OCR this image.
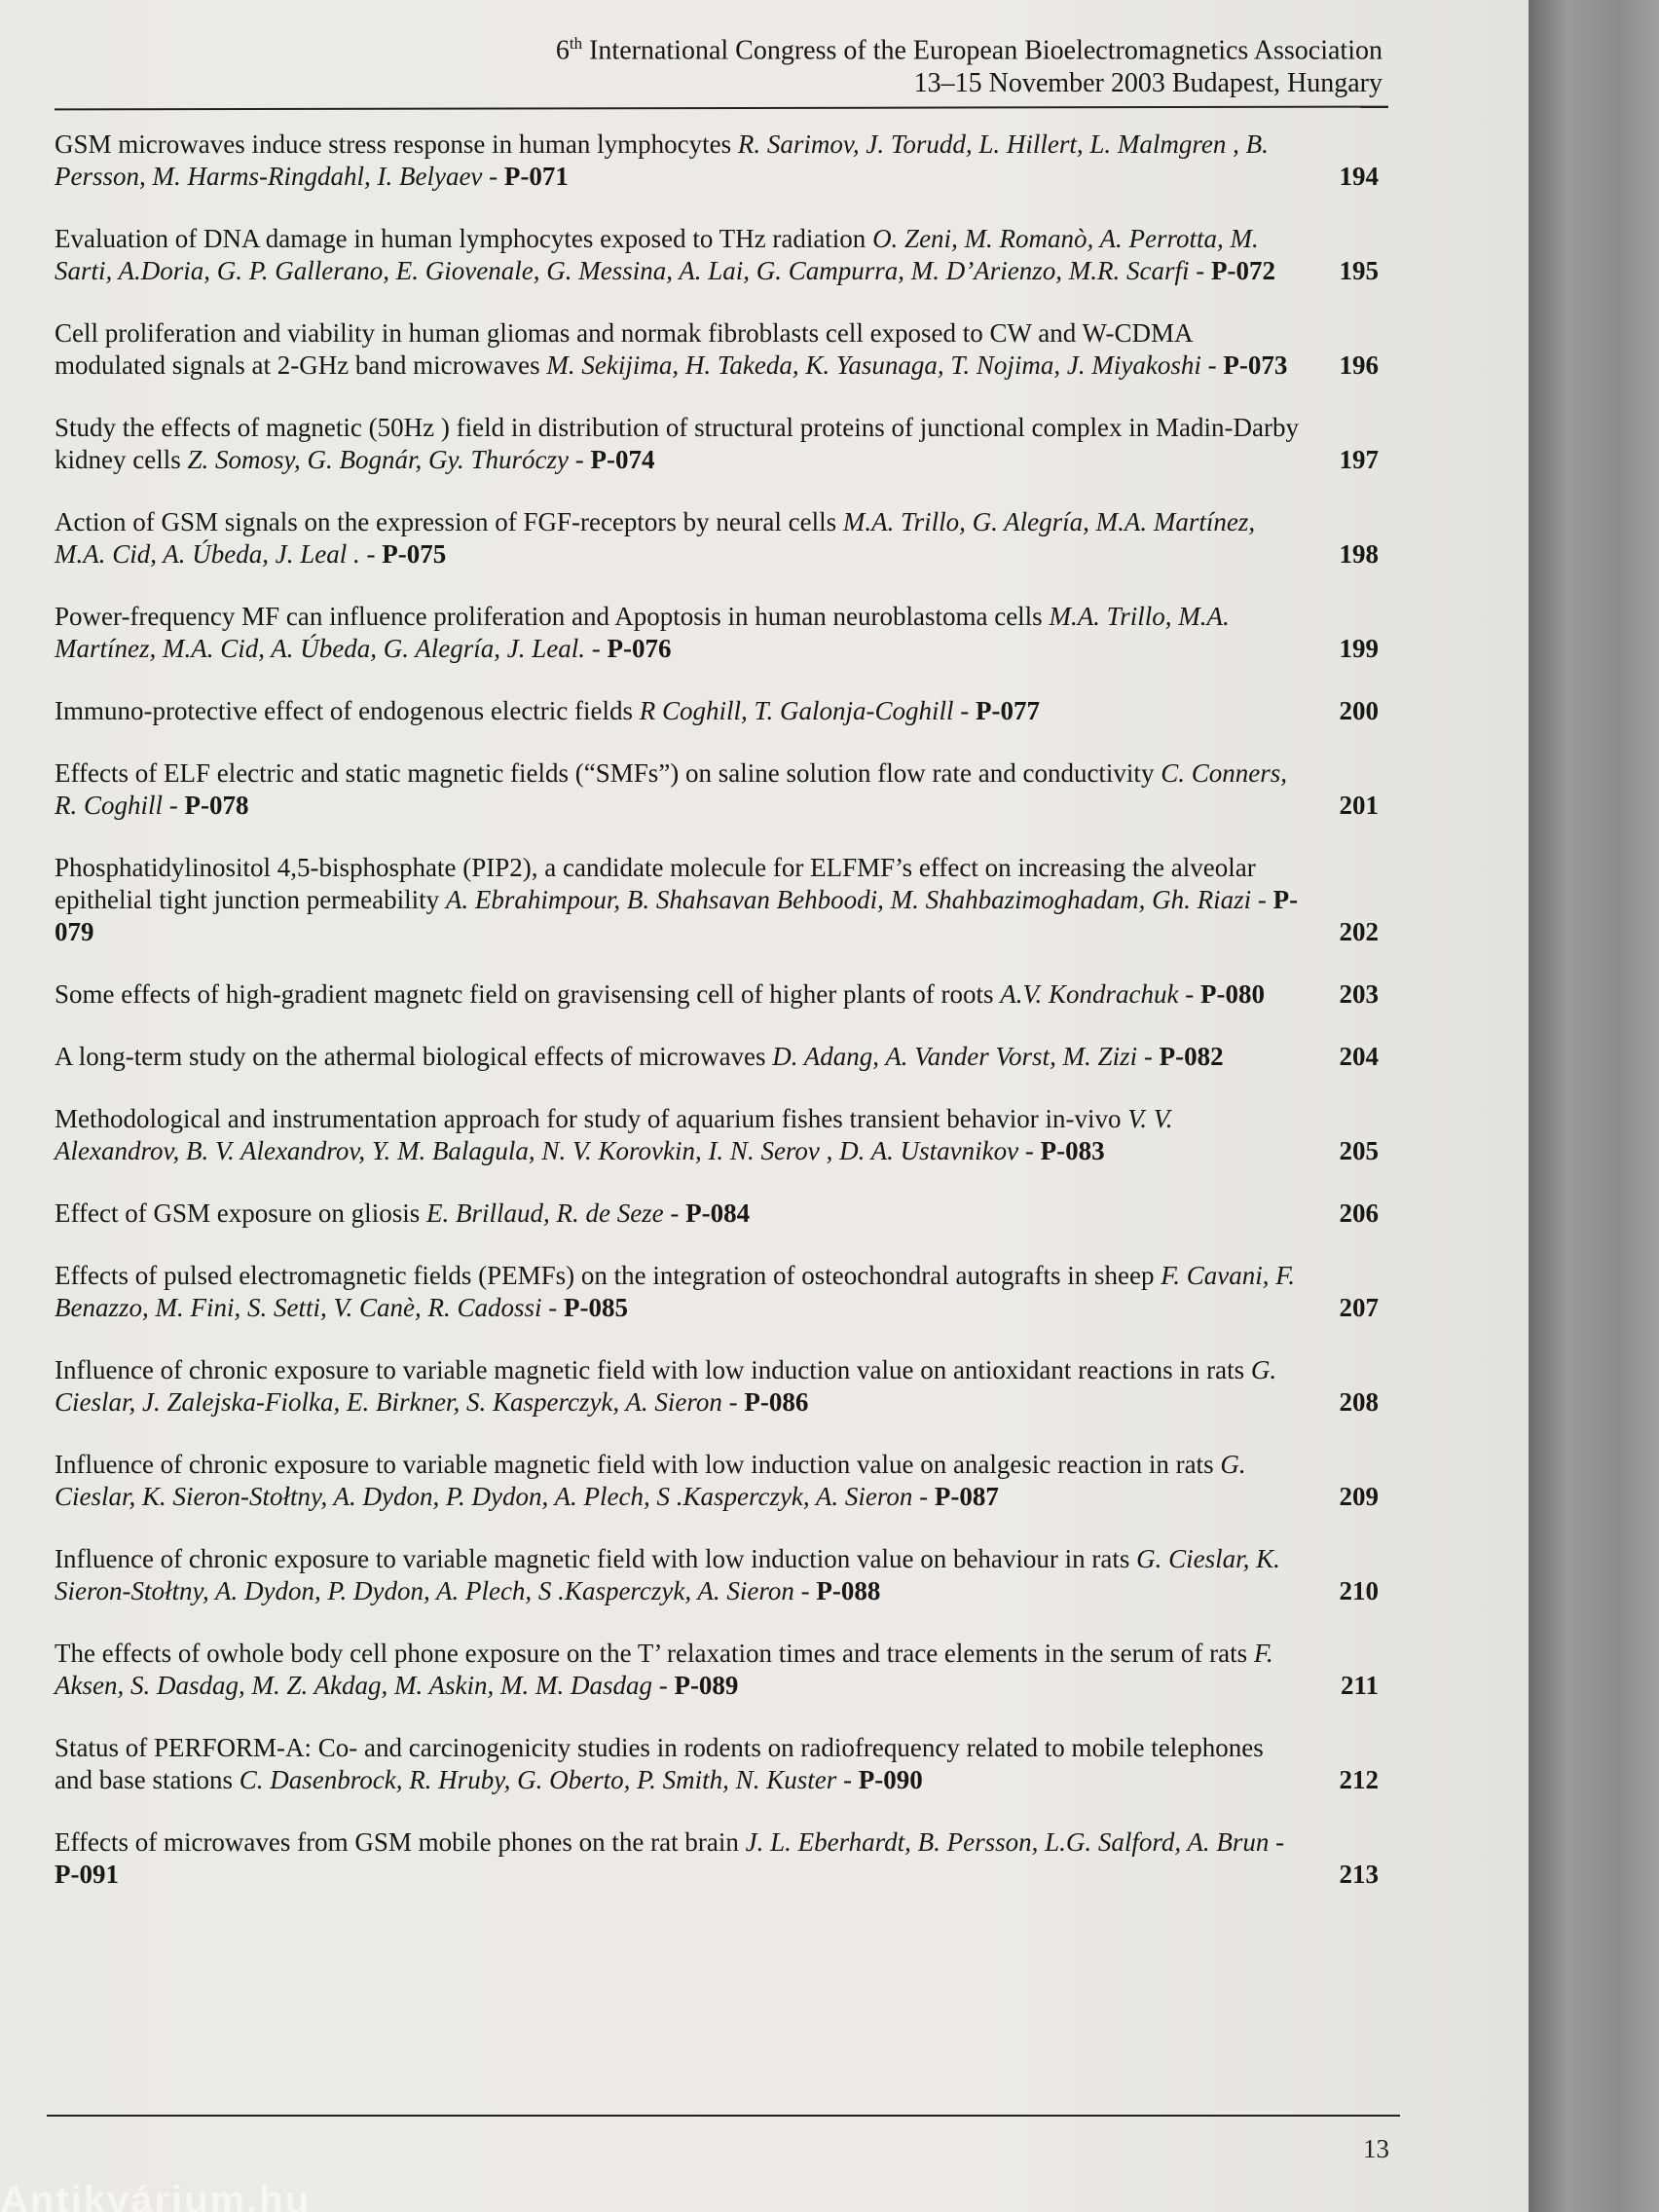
6th International Congress of the European Bioelectromagnetics Association
13–15 November 2003 Budapest, Hungary
GSM microwaves induce stress response in human lymphocytes R. Sarimov, J. Torudd, L. Hillert, L. Malmgren , B. Persson, M. Harms-Ringdahl, I. Belyaev - P-071	194
Evaluation of DNA damage in human lymphocytes exposed to THz radiation O. Zeni, M. Romanò, A. Perrotta, M. Sarti, A.Doria, G. P. Gallerano, E. Giovenale, G. Messina, A. Lai, G. Campurra, M. D’Arienzo, M.R. Scarfi - P-072 195
Cell proliferation and viability in human gliomas and normak fibroblasts cell exposed to CW and W-CDMA modulated signals at 2-GHz band microwaves M. Sekijima, H. Takeda, K. Yasunaga, T. Nojima, J. Miyakoshi - P-073 196
Study the effects of magnetic (50Hz ) field in distribution of structural proteins of junctional complex in Madin-Darby kidney cells Z. Somosy, G. Bognár, Gy. Thuróczy - P-074	197
Action of GSM signals on the expression of FGF-receptors by neural cells M.A. Trillo, G. Alegría, M.A. Martínez, M.A. Cid, A. Úbeda, J. Leal . - P-075	198
Power-frequency MF can influence proliferation and Apoptosis in human neuroblastoma cells M.A. Trillo, M.A. Martínez, M.A. Cid, A. Úbeda, G. Alegría, J. Leal. - P-076	199
Immuno-protective effect of endogenous electric fields R Coghill, T. Galonja-Coghill - P-077	200
Effects of ELF electric and static magnetic fields (“SMFs”) on saline solution flow rate and conductivity C. Conners, R. Coghill - P-078	201
Phosphatidylinositol 4,5-bisphosphate (PIP2), a candidate molecule for ELFMF’s effect on increasing the alveolar epithelial tight junction permeability A. Ebrahimpour, B. Shahsavan Behboodi, M. Shahbazimoghadam, Gh. Riazi - P-079	202
Some effects of high-gradient magnetc field on gravisensing cell of higher plants of roots A.V. Kondrachuk - P-080	203
A long-term study on the athermal biological effects of microwaves D. Adang, A. Vander Vorst, M. Zizi - P-082	204
Methodological and instrumentation approach for study of aquarium fishes transient behavior in-vivo V. V. Alexandrov, B. V. Alexandrov, Y. M. Balagula, N. V. Korovkin, I. N. Serov , D. A. Ustavnikov - P-083	205
Effect of GSM exposure on gliosis E. Brillaud, R. de Seze - P-084	206
Effects of pulsed electromagnetic fields (PEMFs) on the integration of osteochondral autografts in sheep F. Cavani, F. Benazzo, M. Fini, S. Setti, V. Canè, R. Cadossi - P-085	207
Influence of chronic exposure to variable magnetic field with low induction value on antioxidant reactions in rats G. Cieslar, J. Zalejska-Fiolka, E. Birkner, S. Kasperczyk, A. Sieron - P-086	208
Influence of chronic exposure to variable magnetic field with low induction value on analgesic reaction in rats G. Cieslar, K. Sieron-Stołtny, A. Dydon, P. Dydon, A. Plech, S .Kasperczyk, A. Sieron - P-087	209
Influence of chronic exposure to variable magnetic field with low induction value on behaviour in rats G. Cieslar, K. Sieron-Stołtny, A. Dydon, P. Dydon, A. Plech, S .Kasperczyk, A. Sieron - P-088	210
The effects of owhole body cell phone exposure on the T’ relaxation times and trace elements in the serum of rats F. Aksen, S. Dasdag, M. Z. Akdag, M. Askin, M. M. Dasdag - P-089	211
Status of PERFORM-A: Co- and carcinogenicity studies in rodents on radiofrequency related to mobile telephones and base stations C. Dasenbrock, R. Hruby, G. Oberto, P. Smith, N. Kuster - P-090	212
Effects of microwaves from GSM mobile phones on the rat brain J. L. Eberhardt, B. Persson, L.G. Salford, A. Brun - P-091	213
13
Antikvárium.hu
